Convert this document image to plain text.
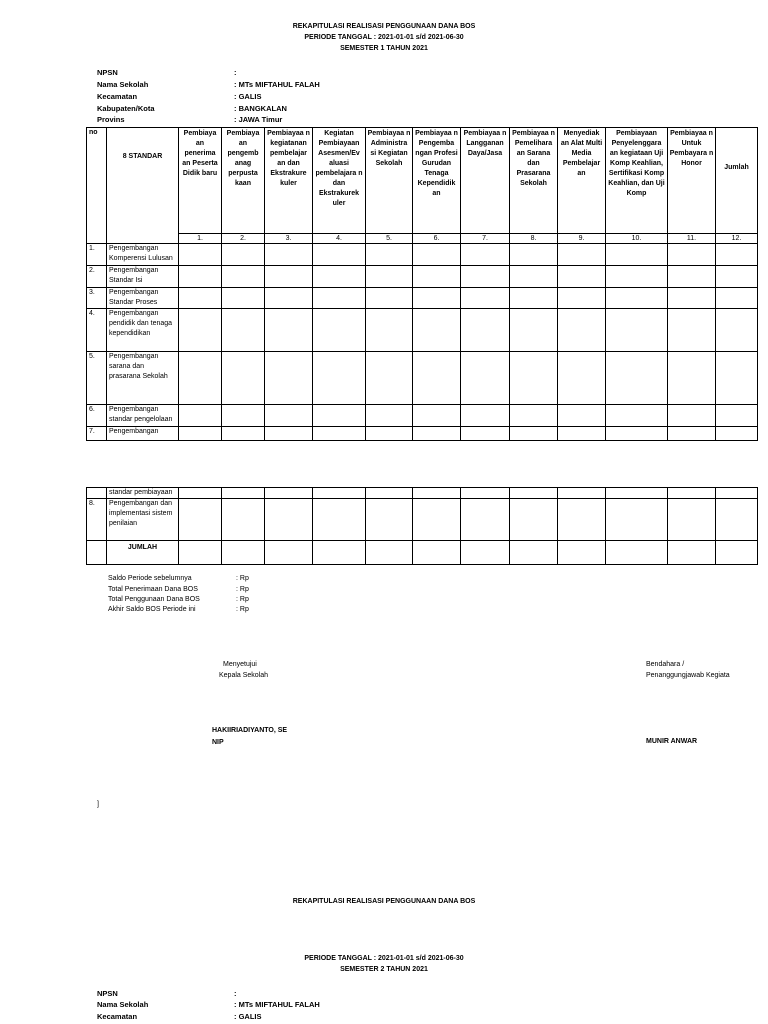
REKAPITULASI REALISASI PENGGUNAAN DANA BOS
PERIODE TANGGAL : 2021-01-01 s/d 2021-06-30
SEMESTER 1 TAHUN 2021
NPSN	:
Nama Sekolah	: MTs MIFTAHUL FALAH
Kecamatan	: GALIS
Kabupaten/Kota	: BANGKALAN
Provins	: JAWA Timur
no	8 STANDAR	Pembiaya an penerima an Peserta Didik baru	Pembiaya an pengemb anag perpusta kaan	Pembiayaa n kegiatanan pembelajar an dan Ekstrakure kuler	Kegiatan Pembiayaan Asesmen/Ev aluasi pembelajara n dan Ekstrakurek uler	Pembiayaa n Administra si Kegiatan Sekolah	Pembiayaa n Pengemba ngan Profesi Gurudan Tenaga Kependidik an	Pembiayaa n Langganan Daya/Jasa	Pembiayaa n Pemelihara an Sarana dan Prasarana Sekolah	Menyediak an Alat Multi Media Pembelajar an	Pembiayaan Penyelenggara an kegiataan Uji Komp Keahlian, Sertifikasi Komp Keahlian, dan Uji Komp	Pembiayaa n Untuk Pembayara n Honor	Jumlah
		1.	2.	3.	4.	5.	6.	7.	8.	9.	10.	11.	12.
1.	Pengembangan Komperensi Lulusan												
2.	Pengembangan Standar Isi												
3.	Pengembangan Standar Proses												
4.	Pengembangan pendidik dan tenaga kependidikan												
5.	Pengembangan sarana dan prasarana Sekolah												
6.	Pengembangan standar pengelolaan												
7.	Pengembangan												
	standar pembiayaan												
8.	Pengembangan dan implementasi sistem penilaian												
	JUMLAH												
Saldo Periode sebelumnya	: Rp
Total Penerimaan Dana BOS	: Rp
Total Penggunaan Dana BOS	: Rp
Akhir Saldo BOS Periode ini	: Rp
Menyetujui
Kepala Sekolah
Bendahara /
Penanggungjawab Kegiata
HAKIIRIADIYANTO, SE
NIP	MUNIR ANWAR
]
REKAPITULASI REALISASI PENGGUNAAN DANA BOS
PERIODE TANGGAL : 2021-01-01 s/d 2021-06-30
SEMESTER 2 TAHUN 2021
NPSN	:
Nama Sekolah	: MTs MIFTAHUL FALAH
Kecamatan	: GALIS
